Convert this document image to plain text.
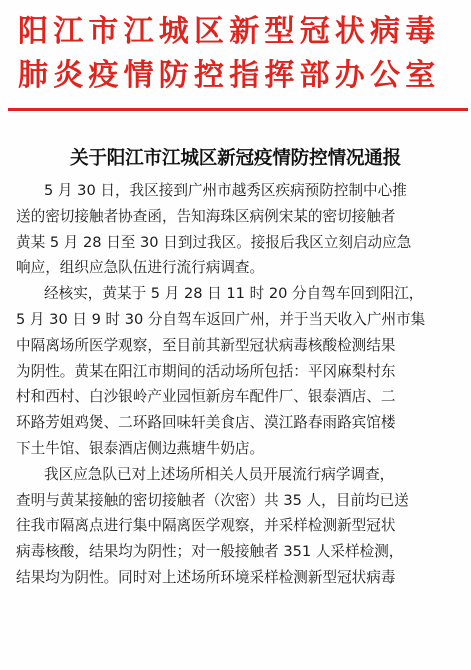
阳江市江城区新型冠状病毒
肺炎疫情防控指挥部办公室
关于阳江市江城区新冠疫情防控情况通报
5 月 30 日，我区接到广州市越秀区疾病预防控制中心推
送的密切接触者协查函，告知海珠区病例宋某的密切接触者
黄某 5 月 28 日至 30 日到过我区。接报后我区立刻启动应急
响应，组织应急队伍进行流行病调查。
经核实，黄某于 5 月 28 日 11 时 20 分自驾车回到阳江，
5 月 30 日 9 时 30 分自驾车返回广州，并于当天收入广州市集
中隔离场所医学观察，至目前其新型冠状病毒核酸检测结果
为阴性。黄某在阳江市期间的活动场所包括：平冈麻梨村东
村和西村、白沙银岭产业园恒新房车配件厂、银泰酒店、二
环路芳姐鸡煲、二环路回味轩美食店、漠江路春雨路宾馆楼
下土牛馆、银泰酒店侧边燕塘牛奶店。
我区应急队已对上述场所相关人员开展流行病学调查，
查明与黄某接触的密切接触者（次密）共 35 人，目前均已送
往我市隔离点进行集中隔离医学观察，并采样检测新型冠状
病毒核酸，结果均为阴性；对一般接触者 351 人采样检测，
结果均为阴性。同时对上述场所环境采样检测新型冠状病毒
